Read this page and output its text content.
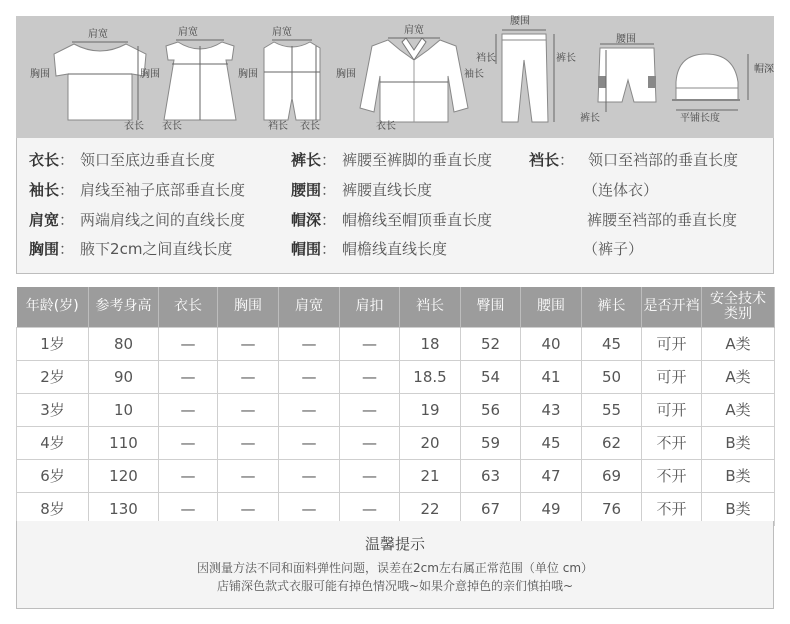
肩宽
胸围
衣长
肩宽
胸围
衣长
肩宽
胸围
裆长 衣长
肩宽
胸围	袖长
衣长
腰围
裆长	裤长
腰围
裤长
帽深
平铺长度
衣长： 领口至底边垂直长度
袖长： 肩线至袖子底部垂直长度
肩宽： 两端肩线之间的直线长度
胸围： 腋下2cm之间直线长度
裤长： 裤腰至裤脚的垂直长度
腰围： 裤腰直线长度
帽深： 帽檐线至帽顶垂直长度
帽围： 帽檐线直线长度
裆长： 领口至裆部的垂直长度
（连体衣）
裤腰至裆部的垂直长度
（裤子）
年龄(岁)	参考身高	衣长	胸围	肩宽	肩扣	裆长	臀围	腰围	裤长	是否开裆	安全技术类别
1岁	80	—	—	—	—	18	52	40	45	可开	A类
2岁	90	—	—	—	—	18.5	54	41	50	可开	A类
3岁	10	—	—	—	—	19	56	43	55	可开	A类
4岁	110	—	—	—	—	20	59	45	62	不开	B类
6岁	120	—	—	—	—	21	63	47	69	不开	B类
8岁	130	—	—	—	—	22	67	49	76	不开	B类
温馨提示
因测量方法不同和面料弹性问题，误差在2cm左右属正常范围（单位 cm）
店铺深色款式衣服可能有掉色情况哦~如果介意掉色的亲们慎拍哦~
